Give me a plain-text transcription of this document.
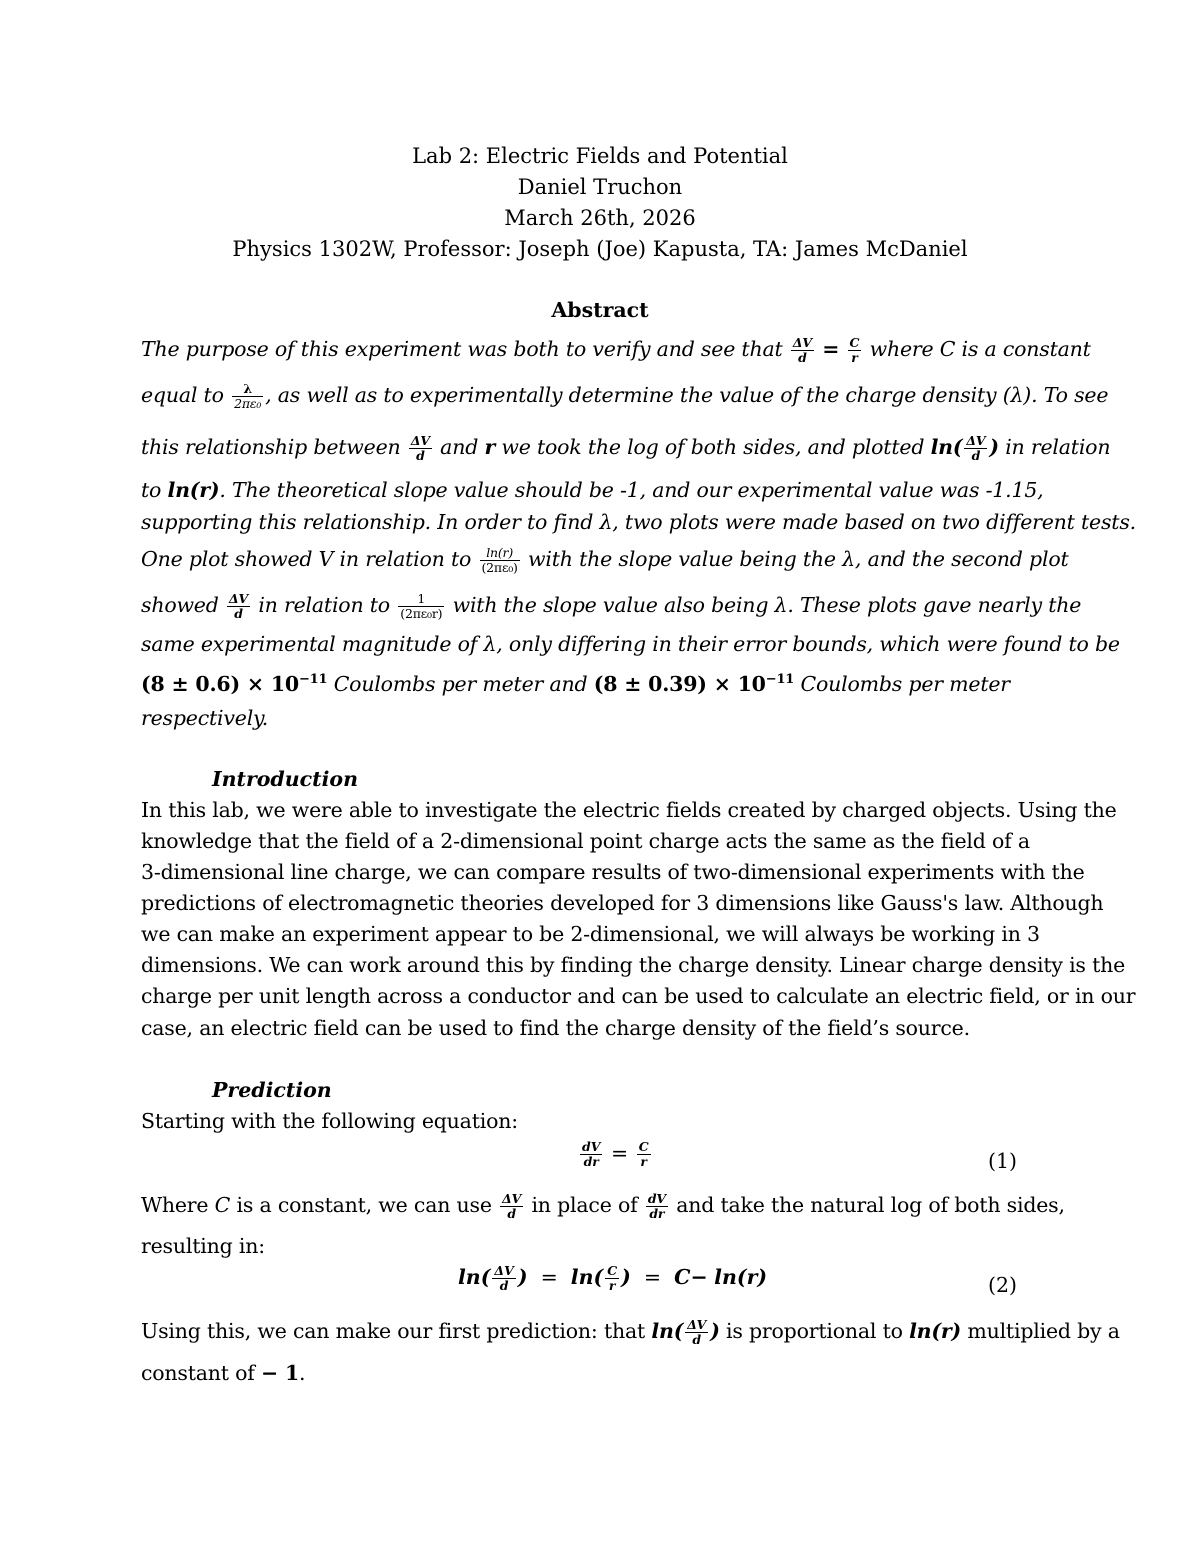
Lab 2: Electric Fields and Potential
Daniel Truchon
March 26th, 2026
Physics 1302W, Professor: Joseph (Joe) Kapusta, TA: James McDaniel
Abstract
The purpose of this experiment was both to verify and see that $\frac{\Delta V}{d} = \frac{C}{r}$ where C is a constant
equal to $\frac{\lambda}{\text{2πε₀}}$ , as well as to experimentally determine the value of the charge density (λ). To see
this relationship between $\frac{\Delta V}{d}$ and r we took the log of both sides, and plotted $\ln( \frac{\Delta V}{d}$ ) in relation
to ln(r). The theoretical slope value should be -1, and our experimental value was -1.15,
supporting this relationship. In order to find λ, two plots were made based on two different tests.
One plot showed V in relation to $\frac{\ln(r)}{\text{(2πε₀)}}$ with the slope value being the λ, and the second plot
showed $\frac{\Delta V}{d}$ in relation to $\frac{1}{\text{(2πε₀r)}}$ with the slope value also being λ. These plots gave nearly the
same experimental magnitude of λ, only differing in their error bounds, which were found to be
$(8 \pm 0.6) \times 10^{-11}$ Coulombs per meter and $(8 \pm 0.39) \times 10^{-11}$ Coulombs per meter
respectively.
Introduction
In this lab, we were able to investigate the electric fields created by charged objects. Using the
knowledge that the field of a 2-dimensional point charge acts the same as the field of a
3-dimensional line charge, we can compare results of two-dimensional experiments with the
predictions of electromagnetic theories developed for 3 dimensions like Gauss's law. Although
we can make an experiment appear to be 2-dimensional, we will always be working in 3
dimensions. We can work around this by finding the charge density. Linear charge density is the
charge per unit length across a conductor and can be used to calculate an electric field, or in our
case, an electric field can be used to find the charge density of the field’s source.
Prediction
Starting with the following equation:
$\frac{dV}{dr} = \frac{C}{r}$	(1)
Where C is a constant, we can use $\frac{\Delta V}{d}$ in place of $\frac{dV}{dr}$ and take the natural log of both sides,
resulting in:
$\ln( \frac{\Delta V}{d}$ )  =  $\ln( \frac{C}{r}$ )  =  C− ln(r)	(2)
Using this, we can make our first prediction: that $\ln( \frac{\Delta V}{d}$ ) is proportional to ln(r) multiplied by a
constant of − 1.
